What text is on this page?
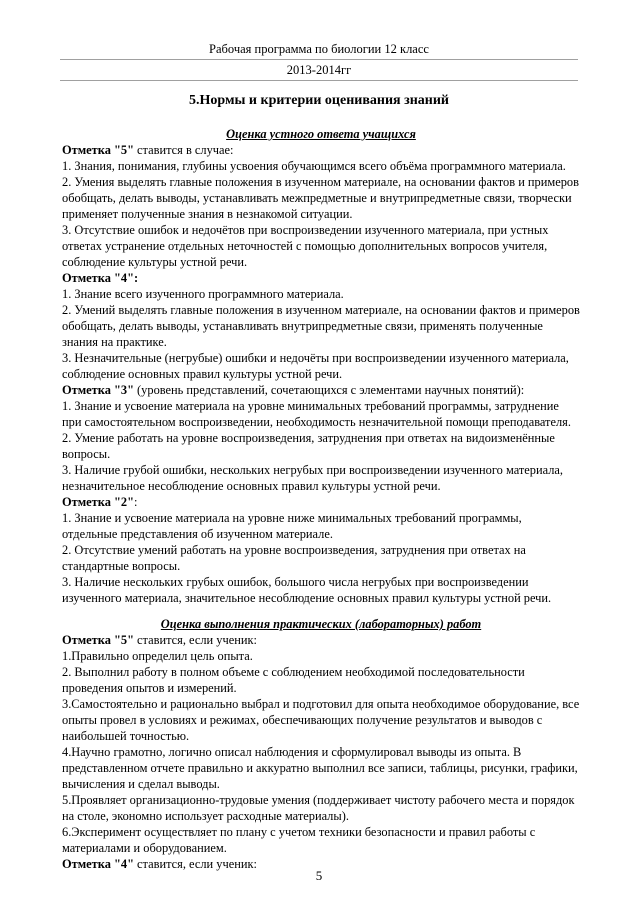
Рабочая программа по биологии 12 класс
2013-2014гг
5.Нормы и критерии оценивания знаний

Оценка устного ответа учащихся

Отметка "5" ставится в случае:

1. Знания, понимания, глубины усвоения обучающимся всего объёма программного материала.

2. Умения выделять главные положения в изученном материале, на основании фактов и примеров обобщать, делать выводы, устанавливать межпредметные и внутрипредметные связи, творчески применяет полученные знания в незнакомой ситуации.

3. Отсутствие ошибок и недочётов при воспроизведении изученного материала, при устных ответах устранение отдельных неточностей с помощью дополнительных вопросов учителя, соблюдение культуры устной речи.

Отметка "4":

1. Знание всего изученного программного материала.

2. Умений выделять главные положения в изученном материале, на основании фактов и примеров обобщать, делать выводы, устанавливать внутрипредметные связи, применять полученные знания на практике.

3. Незначительные (негрубые) ошибки и недочёты при воспроизведении изученного материала, соблюдение основных правил культуры устной речи.

Отметка "3" (уровень представлений, сочетающихся с элементами научных понятий):

1. Знание и усвоение материала на уровне минимальных требований программы, затруднение при самостоятельном воспроизведении, необходимость незначительной помощи преподавателя.

2. Умение работать на уровне воспроизведения, затруднения при ответах на видоизменённые вопросы.

3. Наличие грубой ошибки, нескольких негрубых при воспроизведении изученного материала, незначительное несоблюдение основных правил культуры устной речи.

Отметка "2":

1. Знание и усвоение материала на уровне ниже минимальных требований программы, отдельные представления об изученном материале.

2. Отсутствие умений работать на уровне воспроизведения, затруднения при ответах на стандартные вопросы.

3. Наличие нескольких грубых ошибок, большого числа негрубых при воспроизведении изученного материала, значительное несоблюдение основных правил культуры устной речи.

Оценка выполнения практических (лабораторных) работ

Отметка "5" ставится, если ученик:

1.Правильно определил цель опыта.

2. Выполнил работу в полном объеме с соблюдением необходимой последовательности проведения опытов и измерений.

3.Самостоятельно и рационально выбрал и подготовил для опыта необходимое оборудование, все опыты провел в условиях и режимах, обеспечивающих получение результатов и выводов с наибольшей точностью.

4.Научно грамотно, логично описал наблюдения и сформулировал выводы из опыта. В представленном отчете правильно и аккуратно выполнил все записи, таблицы, рисунки, графики, вычисления и сделал выводы.

5.Проявляет организационно-трудовые умения (поддерживает чистоту рабочего места и порядок на столе, экономно использует расходные материалы).

6.Эксперимент осуществляет по плану с учетом техники безопасности и правил работы с материалами и оборудованием.

Отметка "4" ставится, если ученик:

5
